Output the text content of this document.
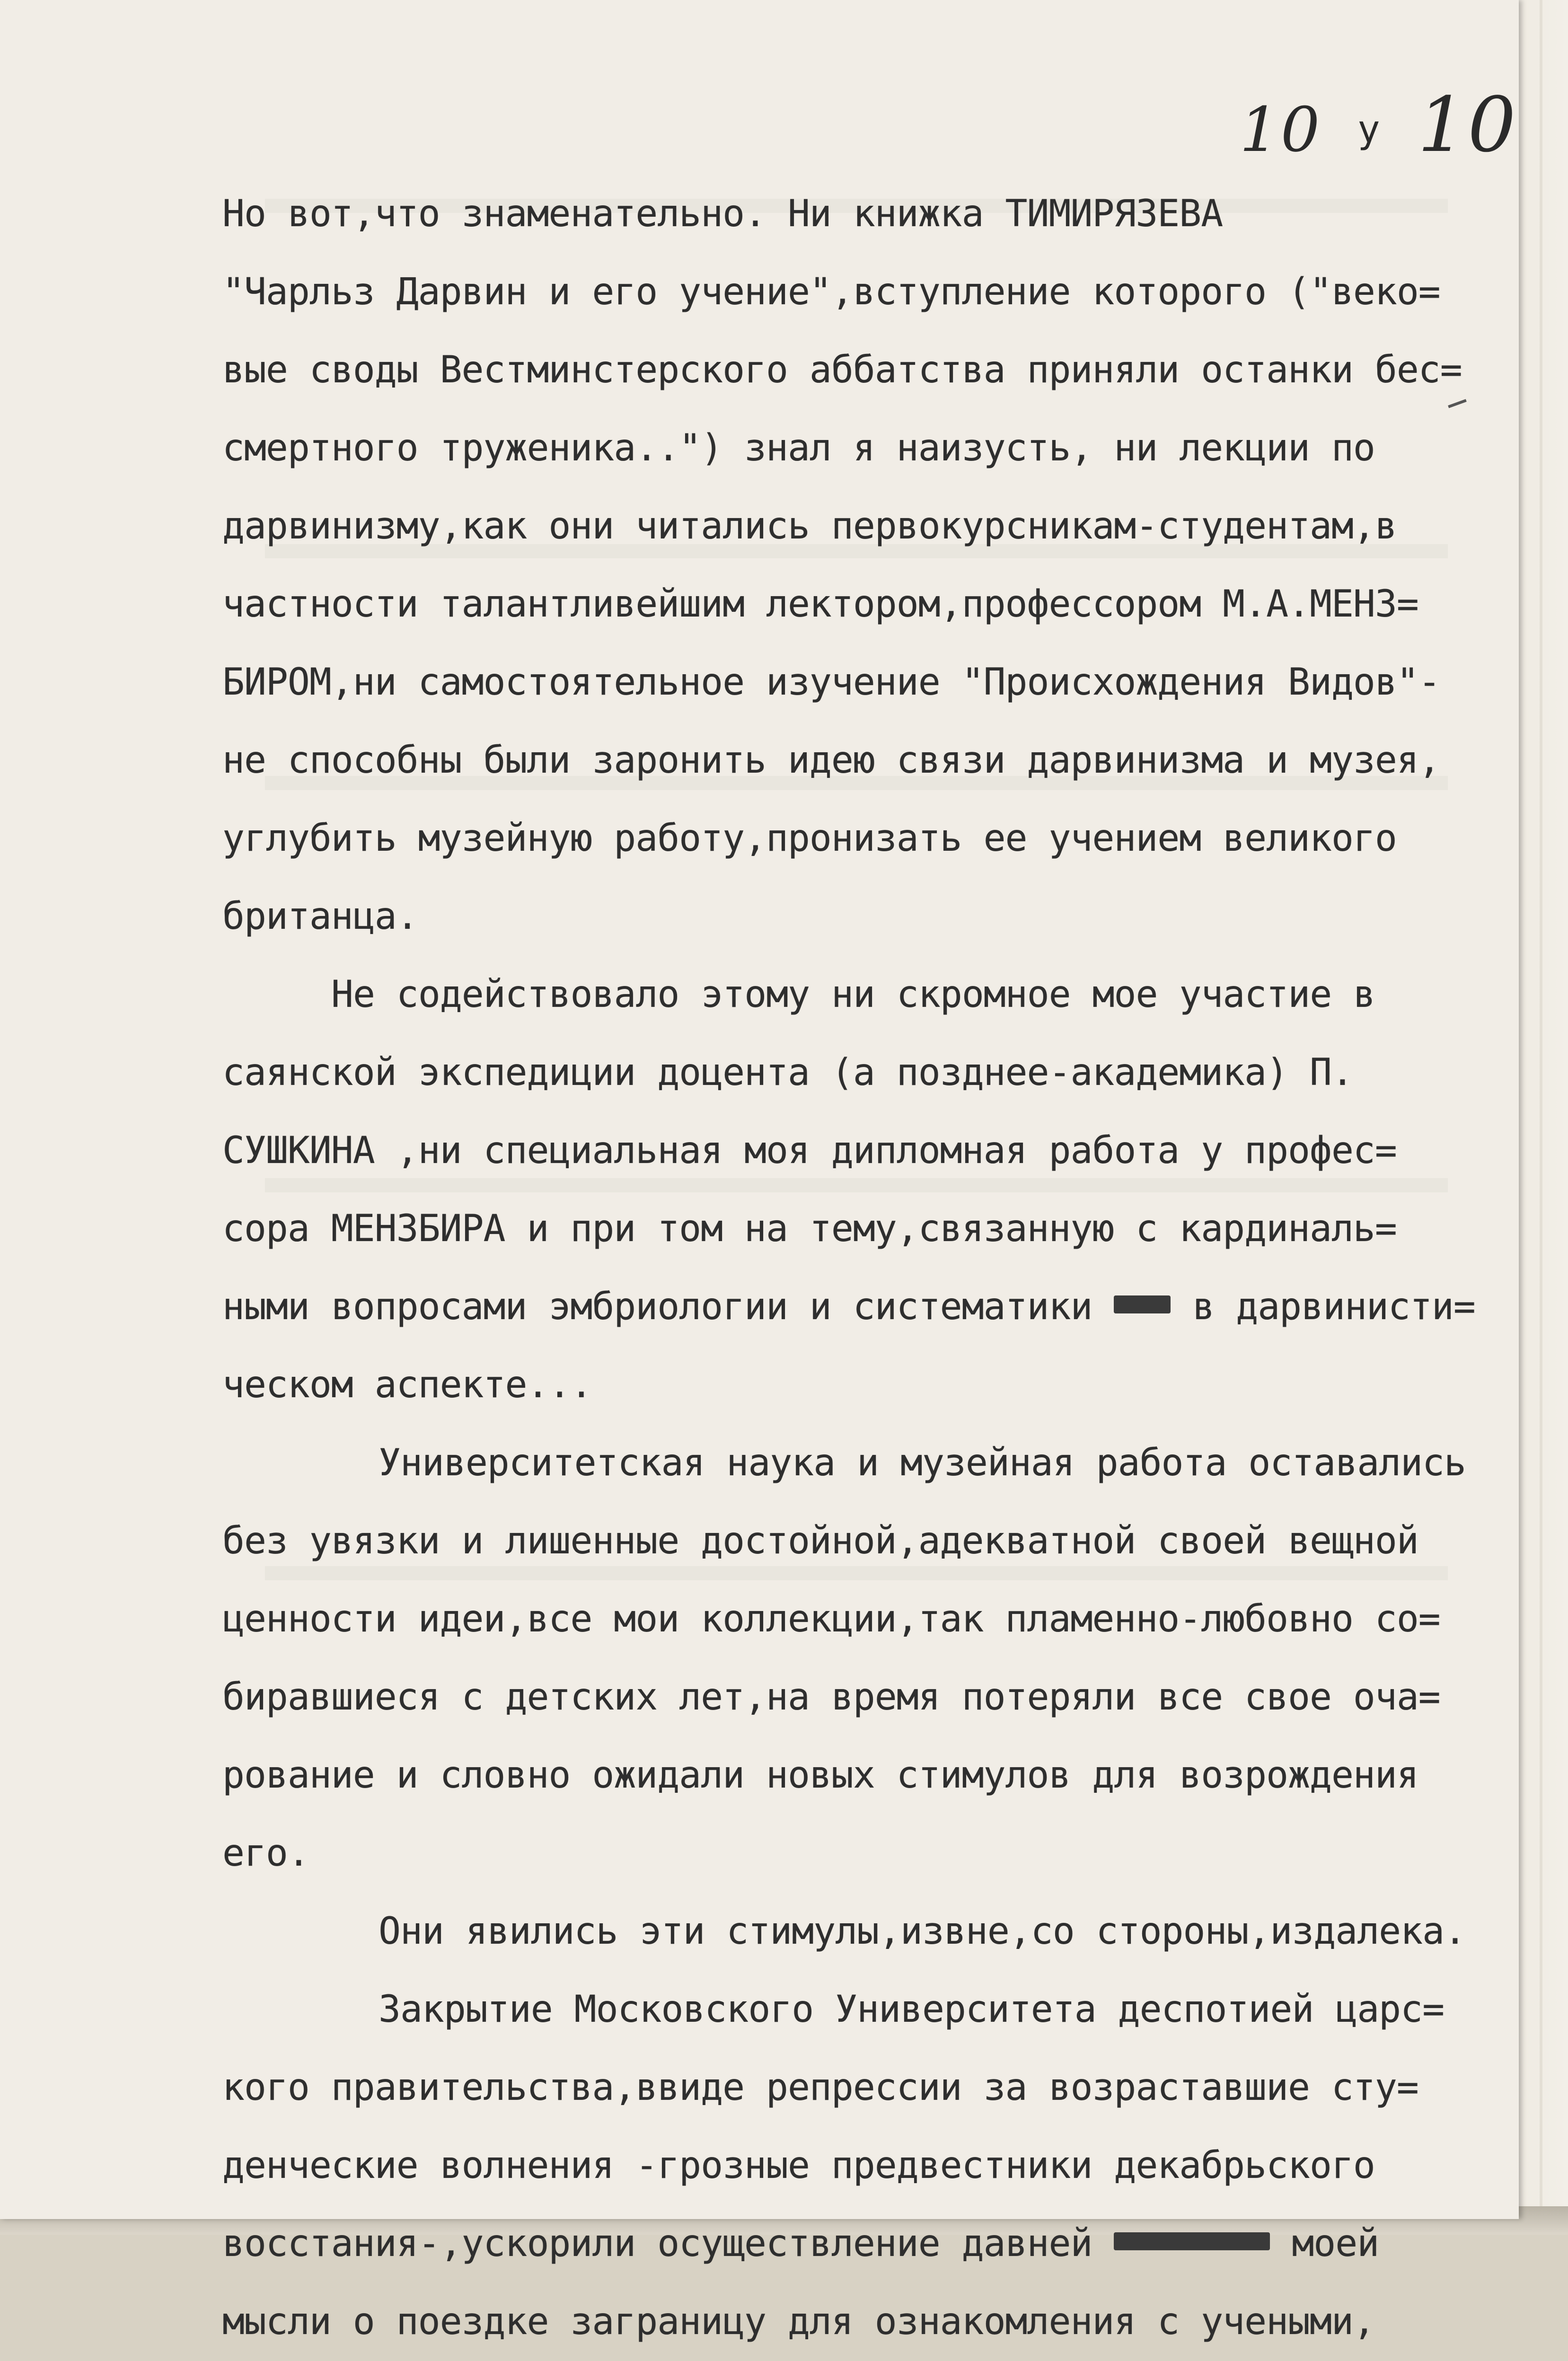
10 у 10
Но вот,что знаменательно. Ни книжка ТИМИРЯЗЕВА
"Чарльз Дарвин и его учение",вступление которого ("веко=
вые своды Вестминстерского аббатства приняли останки бес=
смертного труженика..") знал я наизусть, ни лекции по
дарвинизму,как они читались первокурсникам-студентам,в
частности талантливейшим лектором,профессором М.А.МЕНЗ=
БИРОМ,ни самостоятельное изучение "Происхождения Видов"-
не способны были заронить идею связи дарвинизма и музея,
углубить музейную работу,пронизать ее учением великого
британца.
Не содействовало этому ни скромное мое участие в
саянской экспедиции доцента (а позднее-академика) П.
СУШКИНА ,ни специальная моя дипломная работа у профес=
сора МЕНЗБИРА и при том на тему,связанную с кардиналь=
ными вопросами эмбриологии и систематики	в дарвинисти=
ческом аспекте...
Университетская наука и музейная работа оставались
без увязки и лишенные достойной,адекватной своей вещной
ценности идеи,все мои коллекции,так пламенно-любовно со=
биравшиеся с детских лет,на время потеряли все свое оча=
рование и словно ожидали новых стимулов для возрождения
его.
Они явились эти стимулы,извне,со стороны,издалека.
Закрытие Московского Университета деспотией царс=
кого правительства,ввиде репрессии за возраставшие сту=
денческие волнения -грозные предвестники декабрьского
восстания-,ускорили осуществление давней	моей
мысли о поездке заграницу для ознакомления с учеными,
